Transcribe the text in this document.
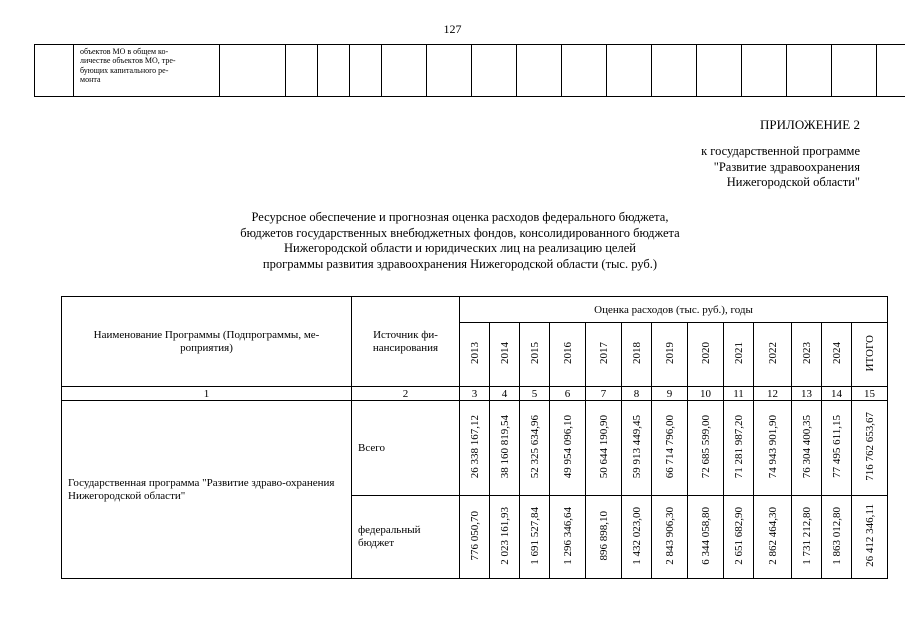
127

объектов МО в общем ко-
личестве объектов МО, тре-
бующих капитального ре-
монта

ПРИЛОЖЕНИЕ 2
к государственной программе
"Развитие здравоохранения
Нижегородской области"
Ресурсное обеспечение и прогнозная оценка расходов федерального бюджета,
бюджетов государственных внебюджетных фондов, консолидированного бюджета
Нижегородской области и юридических лиц на реализацию целей
программы развития здравоохранения Нижегородской области (тыс. руб.)
Наименование Программы (Подпрограммы, ме-роприятия)	Источник фи-нансирования	Оценка расходов (тыс. руб.), годы												
		2013	2014	2015	2016	2017	2018	2019	2020	2021	2022	2023	2024	ИТОГО
1	2	3	4	5	6	7	8	9	10	11	12	13	14	15
Государственная программа "Развитие здраво-охранения Нижегородской области"	Всего	26 338 167,12	38 160 819,54	52 325 634,96	49 954 096,10	50 644 190,90	59 913 449,45	66 714 796,00	72 685 599,00	71 281 987,20	74 943 901,90	76 304 400,35	77 495 611,15	716 762 653,67
	федеральный бюджет	776 050,70	2 023 161,93	1 691 527,84	1 296 346,64	896 898,10	1 432 023,00	2 843 906,30	6 344 058,80	2 651 682,90	2 862 464,30	1 731 212,80	1 863 012,80	26 412 346,11
